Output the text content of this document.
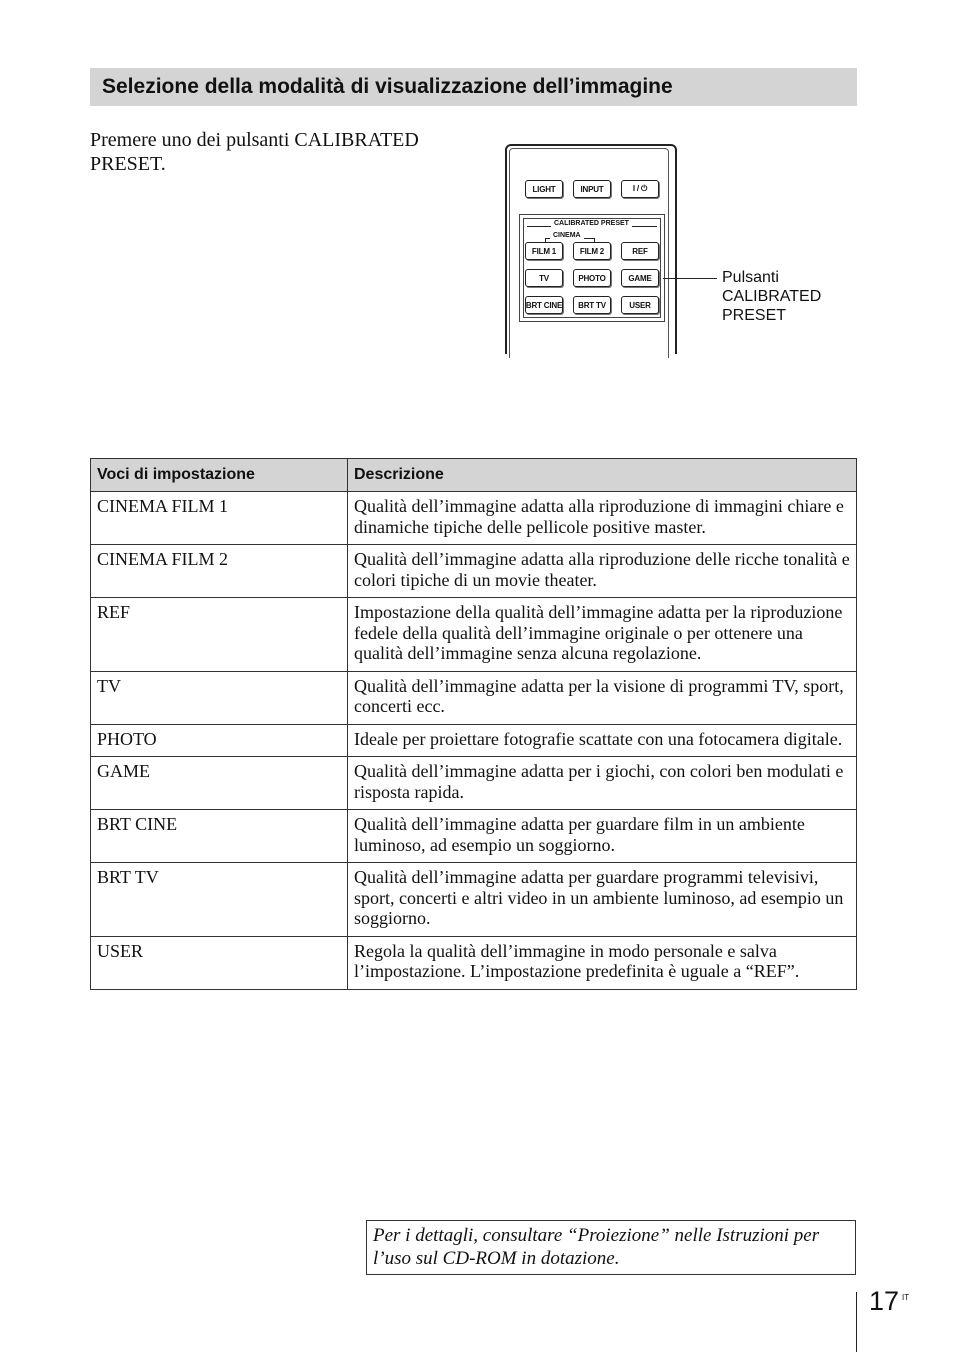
Selezione della modalità di visualizzazione dell’immagine

Premere uno dei pulsanti CALIBRATED PRESET.

LIGHT	INPUT	I / ⏻
CALIBRATED PRESET
CINEMA
FILM 1	FILM 2	REF
TV	PHOTO	GAME
BRT CINE	BRT TV	USER

Pulsanti
CALIBRATED
PRESET

Voci di impostazione	Descrizione
CINEMA FILM 1	Qualità dell’immagine adatta alla riproduzione di immagini chiare e dinamiche tipiche delle pellicole positive master.
CINEMA FILM 2	Qualità dell’immagine adatta alla riproduzione delle ricche tonalità e colori tipiche di un movie theater.
REF	Impostazione della qualità dell’immagine adatta per la riproduzione fedele della qualità dell’immagine originale o per ottenere una qualità dell’immagine senza alcuna regolazione.
TV	Qualità dell’immagine adatta per la visione di programmi TV, sport, concerti ecc.
PHOTO	Ideale per proiettare fotografie scattate con una fotocamera digitale.
GAME	Qualità dell’immagine adatta per i giochi, con colori ben modulati e risposta rapida.
BRT CINE	Qualità dell’immagine adatta per guardare film in un ambiente luminoso, ad esempio un soggiorno.
BRT TV	Qualità dell’immagine adatta per guardare programmi televisivi, sport, concerti e altri video in un ambiente luminoso, ad esempio un soggiorno.
USER	Regola la qualità dell’immagine in modo personale e salva l’impostazione. L’impostazione predefinita è uguale a “REF”.

Per i dettagli, consultare “Proiezione” nelle Istruzioni per l’uso sul CD-ROM in dotazione.

17 IT
